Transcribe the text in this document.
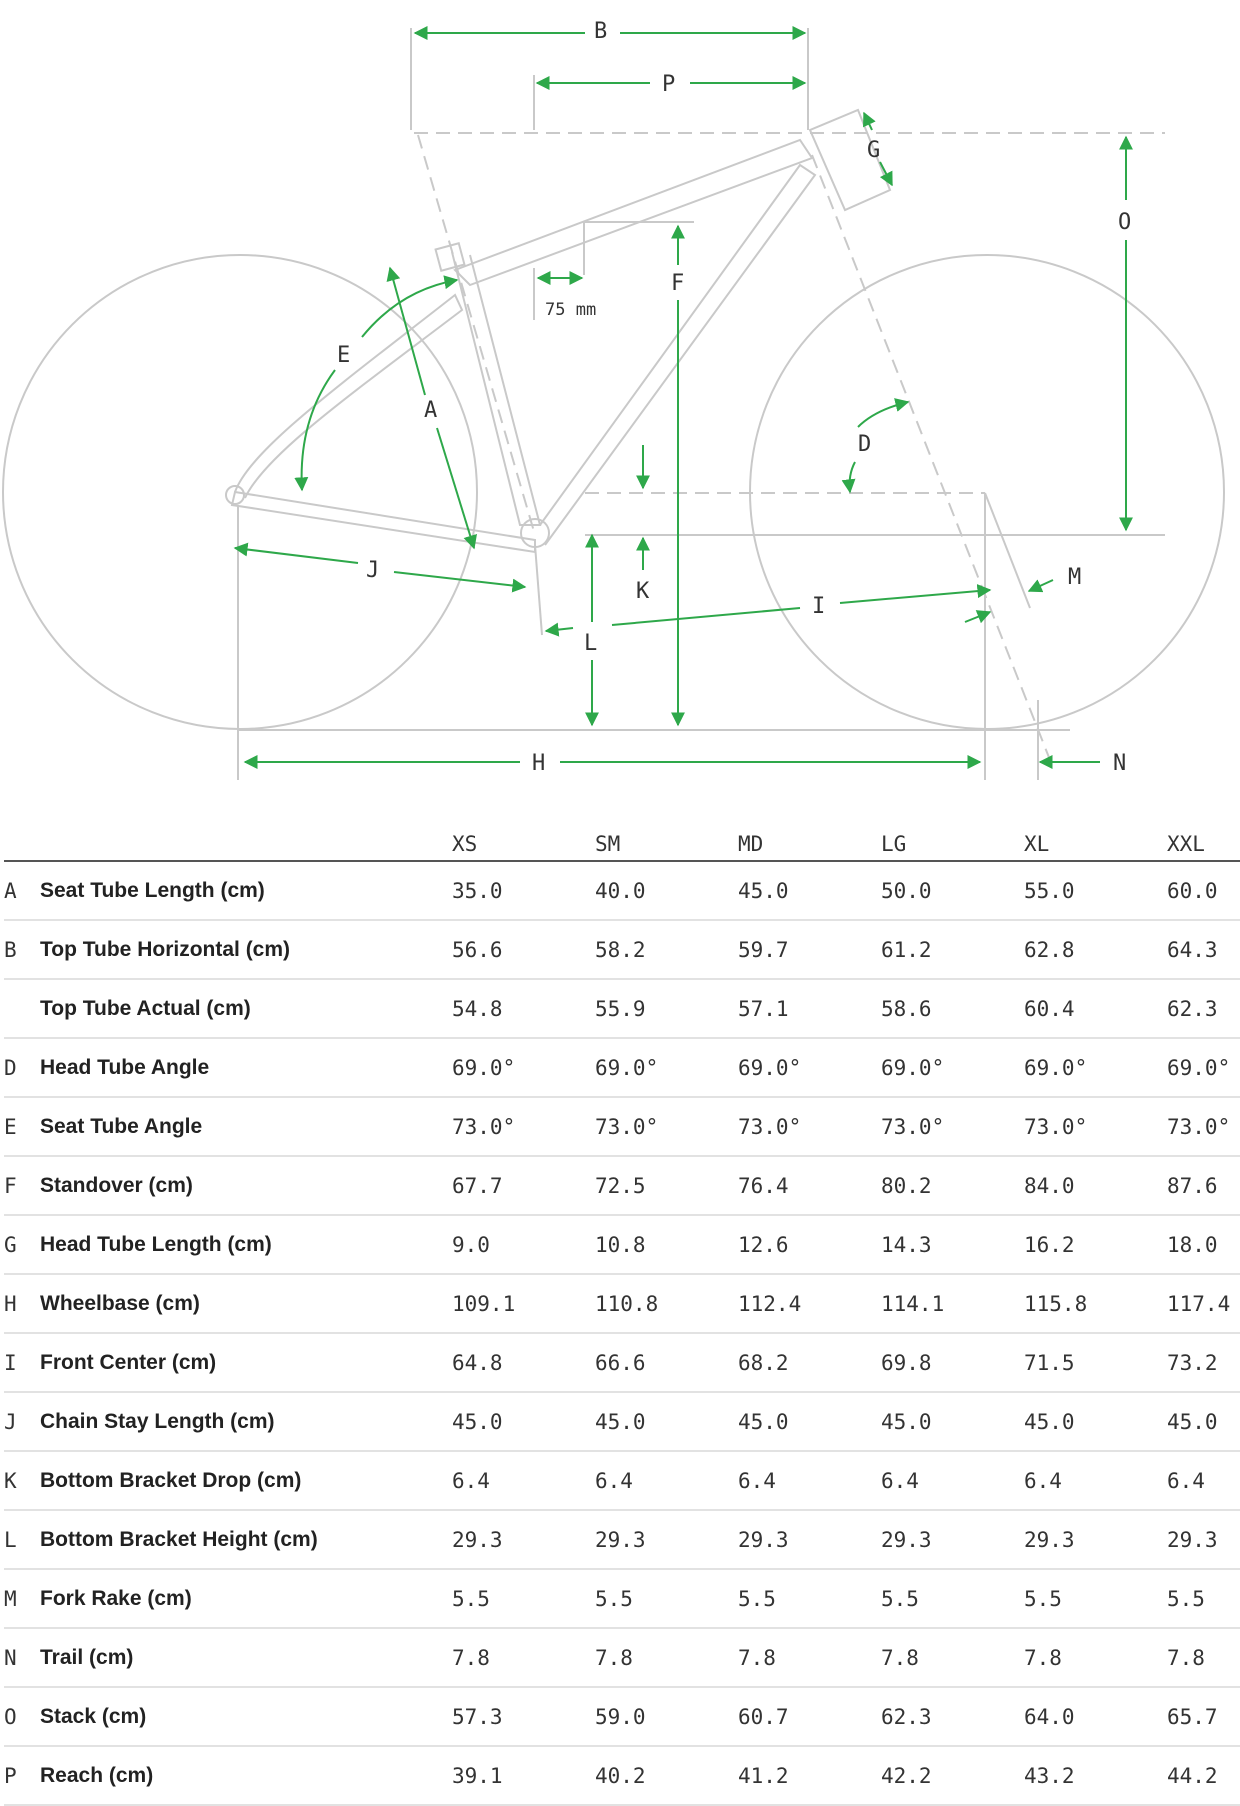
B
P
G
O
F
75 mm
E
A
D
J
K
I
M
L
H	N
XS	SM	MD	LG	XL	XXL
A Seat Tube Length (cm)	35.0	40.0	45.0	50.0	55.0	60.0
B Top Tube Horizontal (cm)	56.6	58.2	59.7	61.2	62.8	64.3
Top Tube Actual (cm)	54.8	55.9	57.1	58.6	60.4	62.3
D Head Tube Angle	69.0°	69.0°	69.0°	69.0°	69.0°	69.0°
E Seat Tube Angle	73.0°	73.0°	73.0°	73.0°	73.0°	73.0°
F Standover (cm)	67.7	72.5	76.4	80.2	84.0	87.6
G Head Tube Length (cm)	9.0	10.8	12.6	14.3	16.2	18.0
H Wheelbase (cm)	109.1	110.8	112.4	114.1	115.8	117.4
I Front Center (cm)	64.8	66.6	68.2	69.8	71.5	73.2
J Chain Stay Length (cm)	45.0	45.0	45.0	45.0	45.0	45.0
K Bottom Bracket Drop (cm)	6.4	6.4	6.4	6.4	6.4	6.4
L Bottom Bracket Height (cm)	29.3	29.3	29.3	29.3	29.3	29.3
M Fork Rake (cm)	5.5	5.5	5.5	5.5	5.5	5.5
N Trail (cm)	7.8	7.8	7.8	7.8	7.8	7.8
O Stack (cm)	57.3	59.0	60.7	62.3	64.0	65.7
P Reach (cm)	39.1	40.2	41.2	42.2	43.2	44.2
